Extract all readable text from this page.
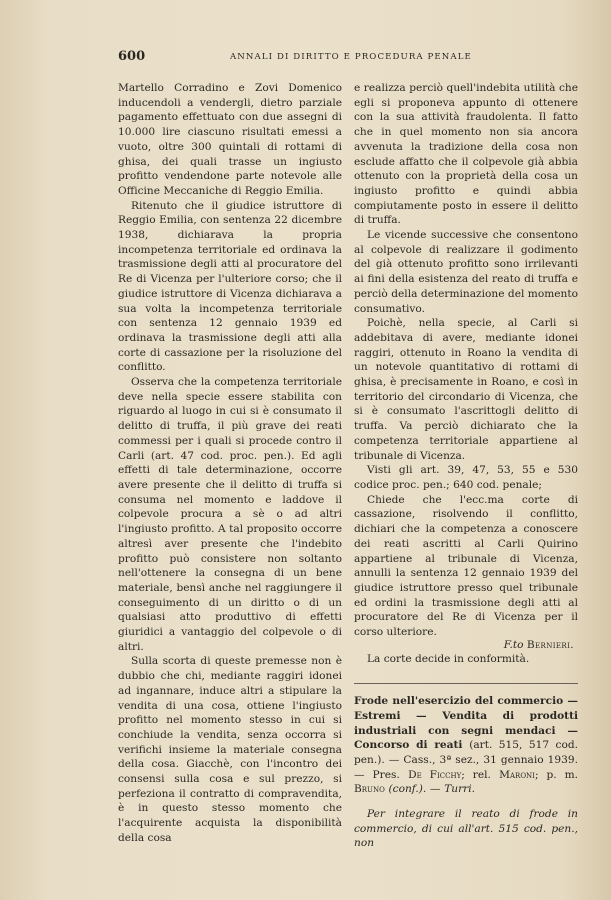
600	ANNALI DI DIRITTO E PROCEDURA PENALE

Martello Corradino e Zovi Domenico inducendoli a vendergli, dietro parziale pagamento effettuato con due assegni di 10.000 lire ciascuno risultati emessi a vuoto, oltre 300 quintali di rottami di ghisa, dei quali trasse un ingiusto profitto vendendone parte notevole alle Officine Meccaniche di Reggio Emilia.

Ritenuto che il giudice istruttore di Reggio Emilia, con sentenza 22 dicembre 1938, dichiarava la propria incompetenza territoriale ed ordinava la trasmissione degli atti al procuratore del Re di Vicenza per l'ulteriore corso; che il giudice istruttore di Vicenza dichiarava a sua volta la incompetenza territoriale con sentenza 12 gennaio 1939 ed ordinava la trasmissione degli atti alla corte di cassazione per la risoluzione del conflitto.

Osserva che la competenza territoriale deve nella specie essere stabilita con riguardo al luogo in cui si è consumato il delitto di truffa, il più grave dei reati commessi per i quali si procede contro il Carli (art. 47 cod. proc. pen.). Ed agli effetti di tale determinazione, occorre avere presente che il delitto di truffa si consuma nel momento e laddove il colpevole procura a sè o ad altri l'ingiusto profitto. A tal proposito occorre altresì aver presente che l'indebito profitto può consistere non soltanto nell'ottenere la consegna di un bene materiale, bensì anche nel raggiungere il conseguimento di un diritto o di un qualsiasi atto produttivo di effetti giuridici a vantaggio del colpevole o di altri.

Sulla scorta di queste premesse non è dubbio che chi, mediante raggiri idonei ad ingannare, induce altri a stipulare la vendita di una cosa, ottiene l'ingiusto profitto nel momento stesso in cui si conchiude la vendita, senza occorra si verifichi insieme la materiale consegna della cosa. Giacchè, con l'incontro dei consensi sulla cosa e sul prezzo, si perfeziona il contratto di compravendita, è in questo stesso momento che l'acquirente acquista la disponibilità della cosa

e realizza perciò quell'indebita utilità che egli si proponeva appunto di ottenere con la sua attività fraudolenta. Il fatto che in quel momento non sia ancora avvenuta la tradizione della cosa non esclude affatto che il colpevole già abbia ottenuto con la proprietà della cosa un ingiusto profitto e quindi abbia compiutamente posto in essere il delitto di truffa.

Le vicende successive che consentono al colpevole di realizzare il godimento del già ottenuto profitto sono irrilevanti ai fini della esistenza del reato di truffa e perciò della determinazione del momento consumativo.

Poichè, nella specie, al Carli si addebitava di avere, mediante idonei raggiri, ottenuto in Roano la vendita di un notevole quantitativo di rottami di ghisa, è precisamente in Roano, e così in territorio del circondario di Vicenza, che si è consumato l'ascrittogli delitto di truffa. Va perciò dichiarato che la competenza territoriale appartiene al tribunale di Vicenza.

Visti gli art. 39, 47, 53, 55 e 530 codice proc. pen.; 640 cod. penale;

Chiede che l'ecc.ma corte di cassazione, risolvendo il conflitto, dichiari che la competenza a conoscere dei reati ascritti al Carli Quirino appartiene al tribunale di Vicenza, annulli la sentenza 12 gennaio 1939 del giudice istruttore presso quel tribunale ed ordini la trasmissione degli atti al procuratore del Re di Vicenza per il corso ulteriore.

F.to Bernieri.

La corte decide in conformità.

Frode nell'esercizio del commercio — Estremi — Vendita di prodotti industriali con segni mendaci — Concorso di reati (art. 515, 517 cod. pen.). — Cass., 3ª sez., 31 gennaio 1939. — Pres. De Ficchy; rel. Maroni; p. m. Bruno (conf.). — Turri.

Per integrare il reato di frode in commercio, di cui all'art. 515 cod. pen., non
